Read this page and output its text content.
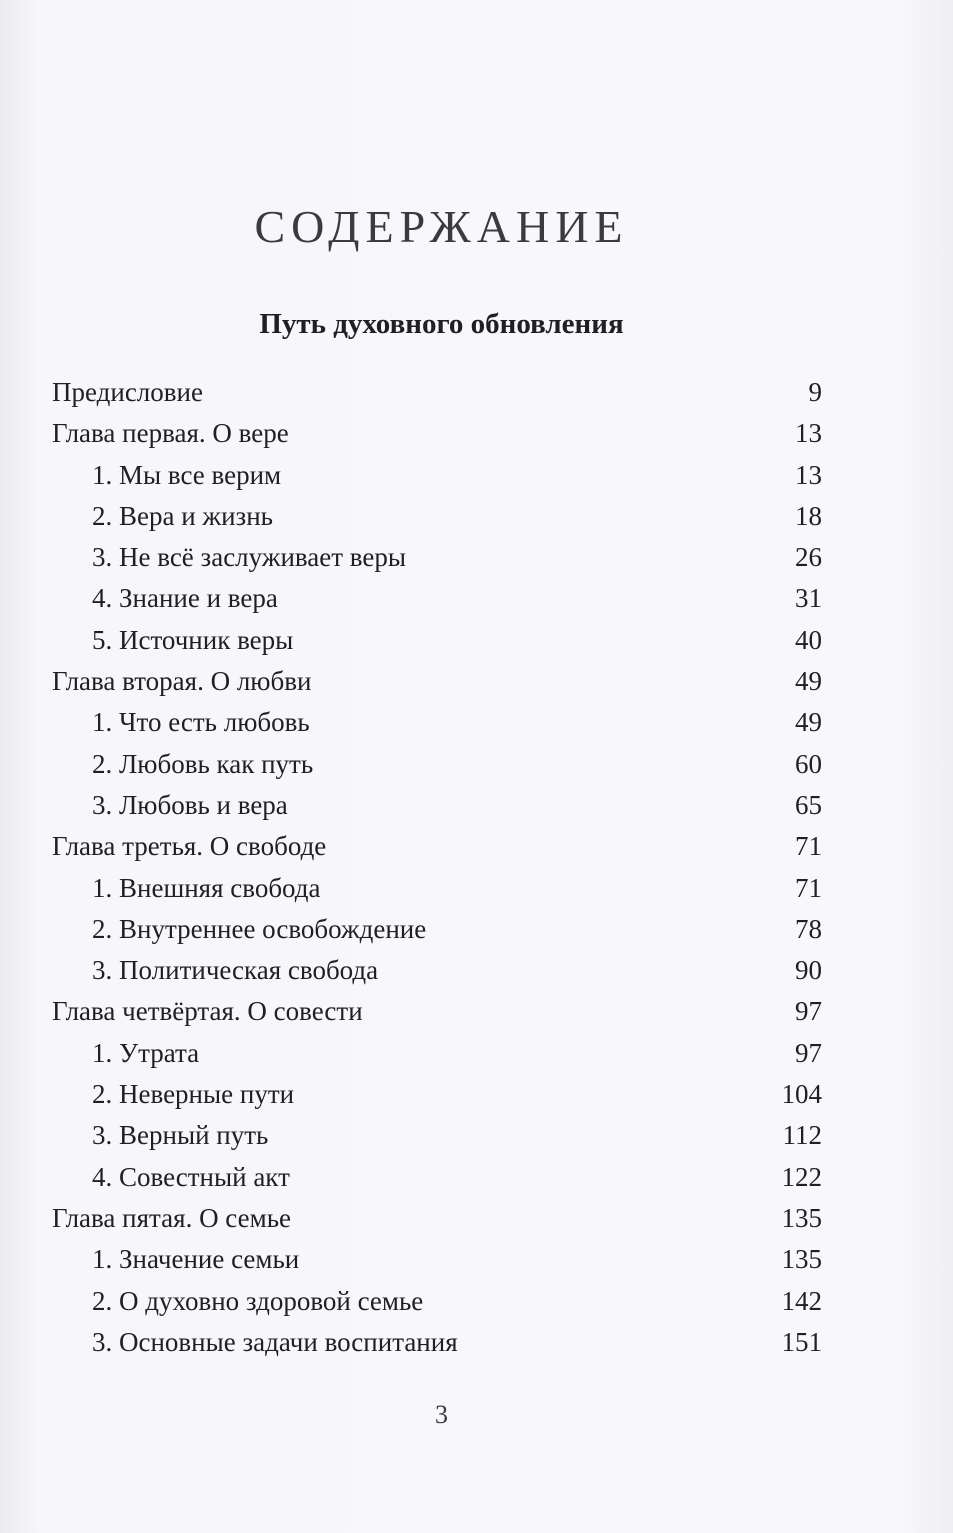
СОДЕРЖАНИЕ
Путь духовного обновления
Предисловие	9
Глава первая. О вере	13
1. Мы все верим	13
2. Вера и жизнь	18
3. Не всё заслуживает веры	26
4. Знание и вера	31
5. Источник веры	40
Глава вторая. О любви	49
1. Что есть любовь	49
2. Любовь как путь	60
3. Любовь и вера	65
Глава третья. О свободе	71
1. Внешняя свобода	71
2. Внутреннее освобождение	78
3. Политическая свобода	90
Глава четвёртая. О совести	97
1. Утрата	97
2. Неверные пути	104
3. Верный путь	112
4. Совестный акт	122
Глава пятая. О семье	135
1. Значение семьи	135
2. О духовно здоровой семье	142
3. Основные задачи воспитания	151
3
